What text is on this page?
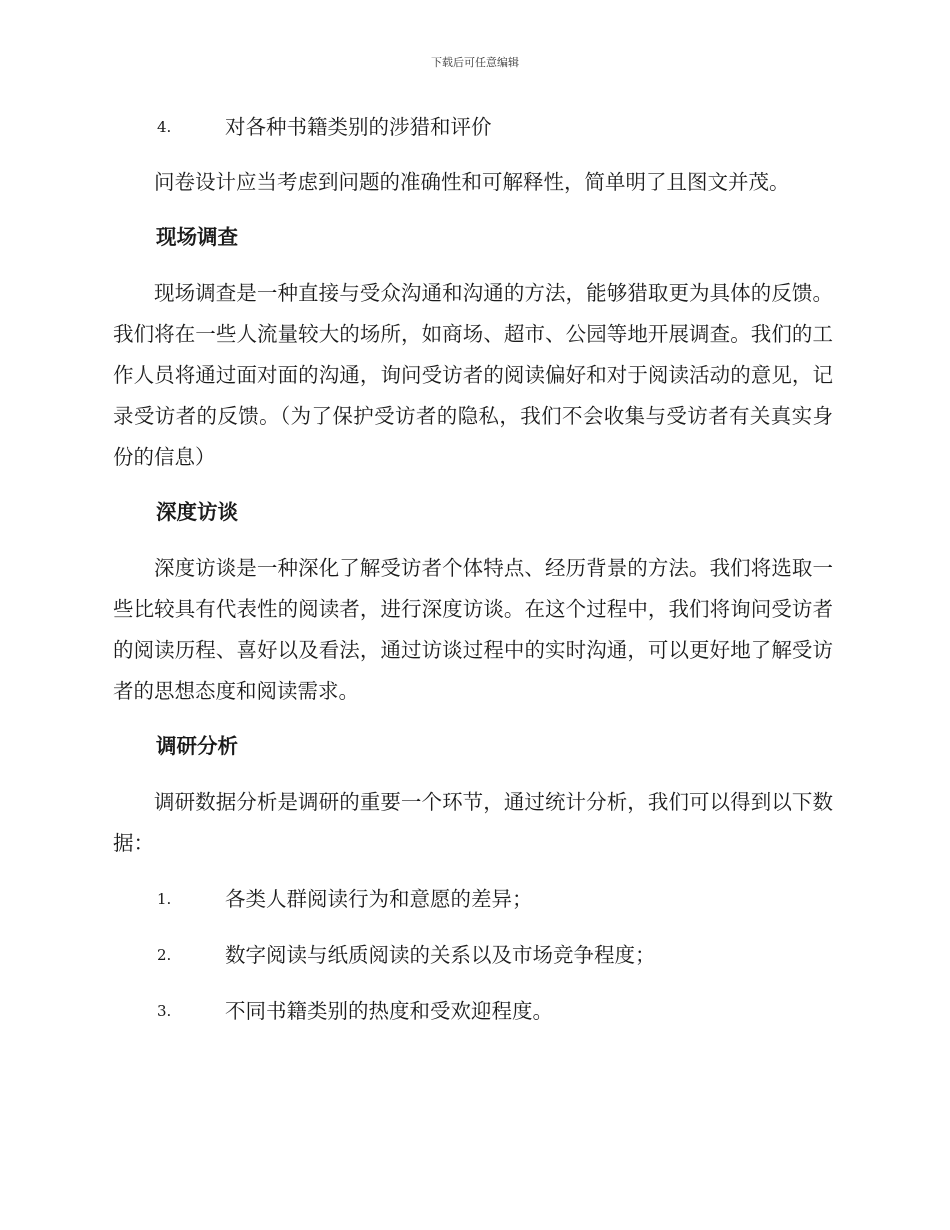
下载后可任意编辑
4.	对各种书籍类别的涉猎和评价

问卷设计应当考虑到问题的准确性和可解释性，简单明了且图文并茂。

现场调查

现场调查是一种直接与受众沟通和沟通的方法，能够猎取更为具体的反馈。我们将在一些人流量较大的场所，如商场、超市、公园等地开展调查。我们的工作人员将通过面对面的沟通，询问受访者的阅读偏好和对于阅读活动的意见，记录受访者的反馈。（为了保护受访者的隐私，我们不会收集与受访者有关真实身份的信息）

深度访谈

深度访谈是一种深化了解受访者个体特点、经历背景的方法。我们将选取一些比较具有代表性的阅读者，进行深度访谈。在这个过程中，我们将询问受访者的阅读历程、喜好以及看法，通过访谈过程中的实时沟通，可以更好地了解受访者的思想态度和阅读需求。

调研分析

调研数据分析是调研的重要一个环节，通过统计分析，我们可以得到以下数据：

1.	各类人群阅读行为和意愿的差异；
2.	数字阅读与纸质阅读的关系以及市场竞争程度；
3.	不同书籍类别的热度和受欢迎程度。
